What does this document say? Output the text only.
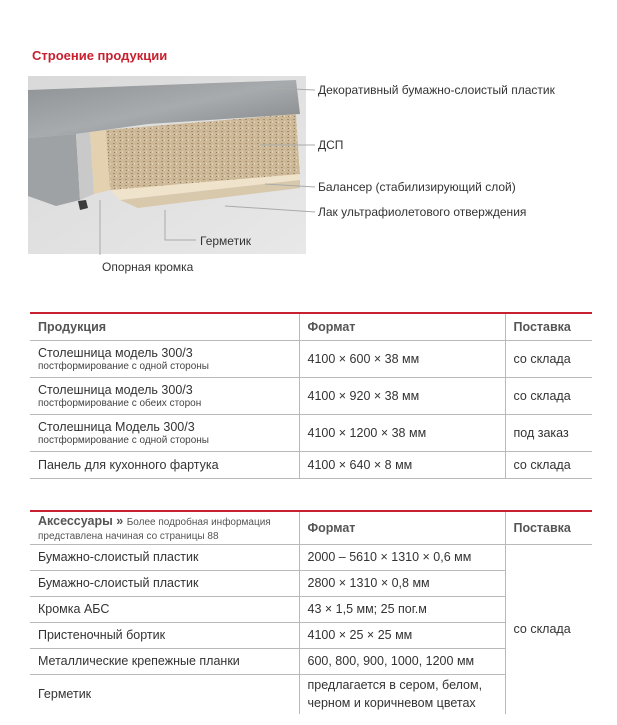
Строение продукции
Декоративный бумажно-слоистый пластик
ДСП
Балансер (стабилизирующий слой)
Лак ультрафиолетового отверждения
Герметик
Опорная кромка
Продукция	Формат	Поставка

Столешница модель 300/3
постформирование с одной стороны	4100 × 600 × 38 мм	со склада

Столешница модель 300/3
постформирование с обеих сторон	4100 × 920 × 38 мм	со склада

Столешница Модель 300/3
постформирование с одной стороны	4100 × 1200 × 38 мм	под заказ
Панель для кухонного фартука	4100 × 640 × 8 мм	со склада
Аксессуары » Более подробная информация представлена начиная со страницы 88	Формат	Поставка
Бумажно-слоистый пластик	2000 – 5610 × 1310 × 0,6 мм	со склада
Бумажно-слоистый пластик	2800 × 1310 × 0,8 мм	
Кромка АБС	43 × 1,5 мм; 25 пог.м	
Пристеночный бортик	4100 × 25 × 25 мм	
Металлические крепежные планки	600, 800, 900, 1000, 1200 мм	
Герметик	предлагается в сером, белом, черном и коричневом цветах	
